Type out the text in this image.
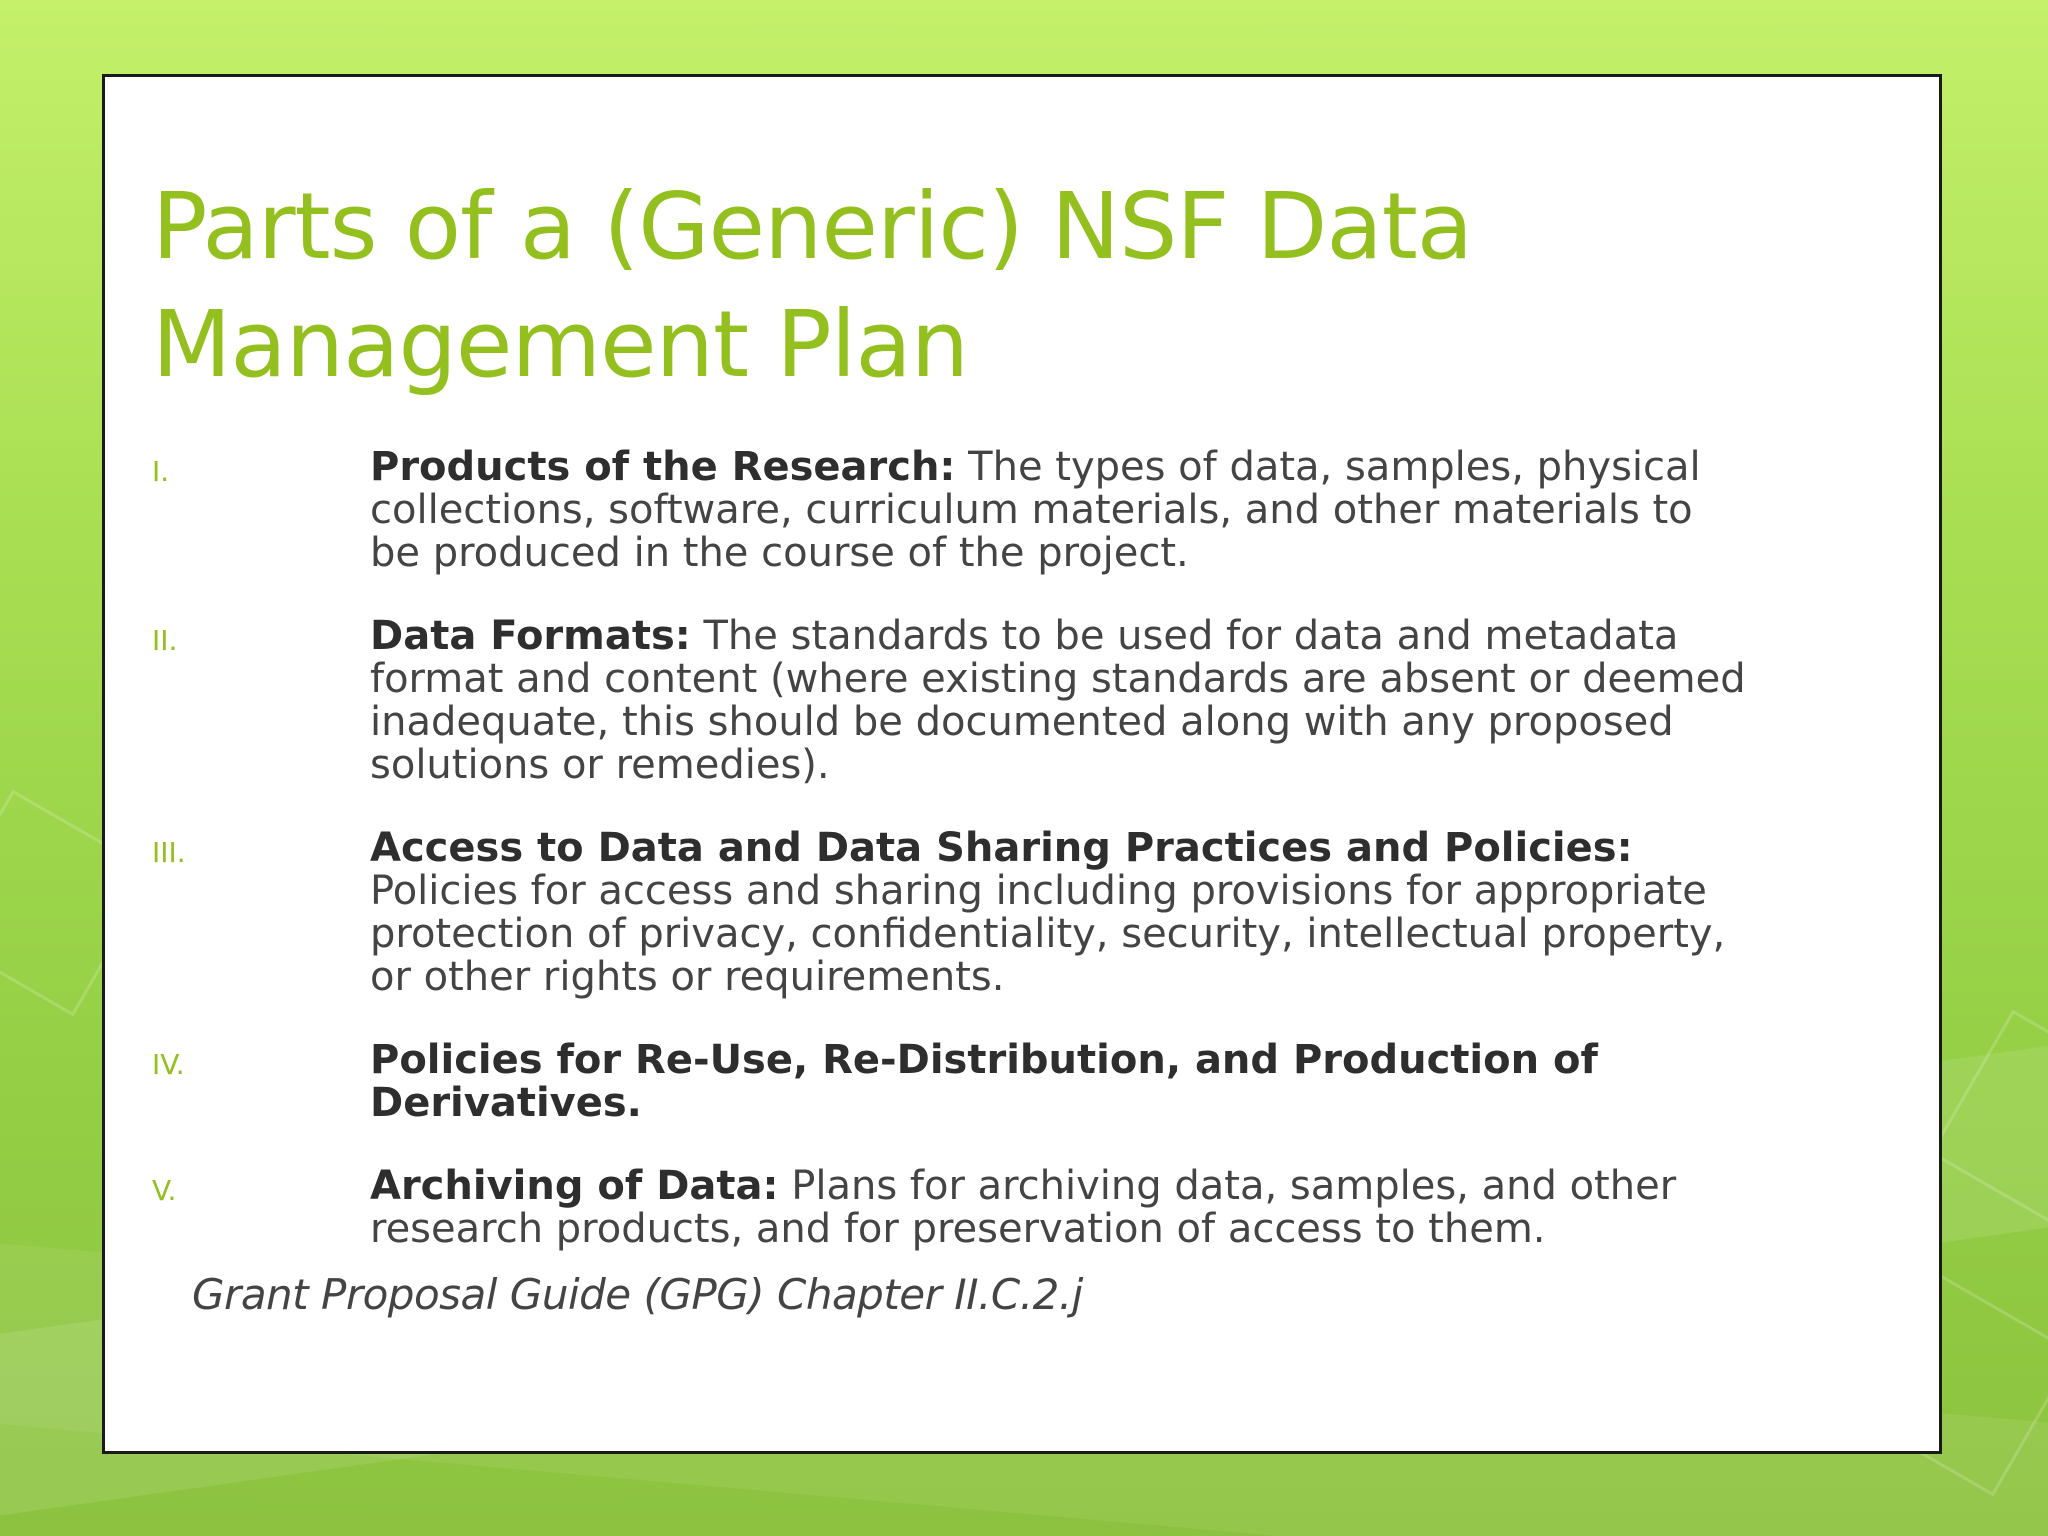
Parts of a (Generic) NSF Data Management Plan
I.	Products of the Research: The types of data, samples, physical collections, software, curriculum materials, and other materials to be produced in the course of the project.
II.	Data Formats: The standards to be used for data and metadata format and content (where existing standards are absent or deemed inadequate, this should be documented along with any proposed solutions or remedies).
III.	Access to Data and Data Sharing Practices and Policies: Policies for access and sharing including provisions for appropriate protection of privacy, confidentiality, security, intellectual property, or other rights or requirements.
IV.	Policies for Re-Use, Re-Distribution, and Production of Derivatives.
V.	Archiving of Data: Plans for archiving data, samples, and other research products, and for preservation of access to them.
Grant Proposal Guide (GPG) Chapter II.C.2.j
